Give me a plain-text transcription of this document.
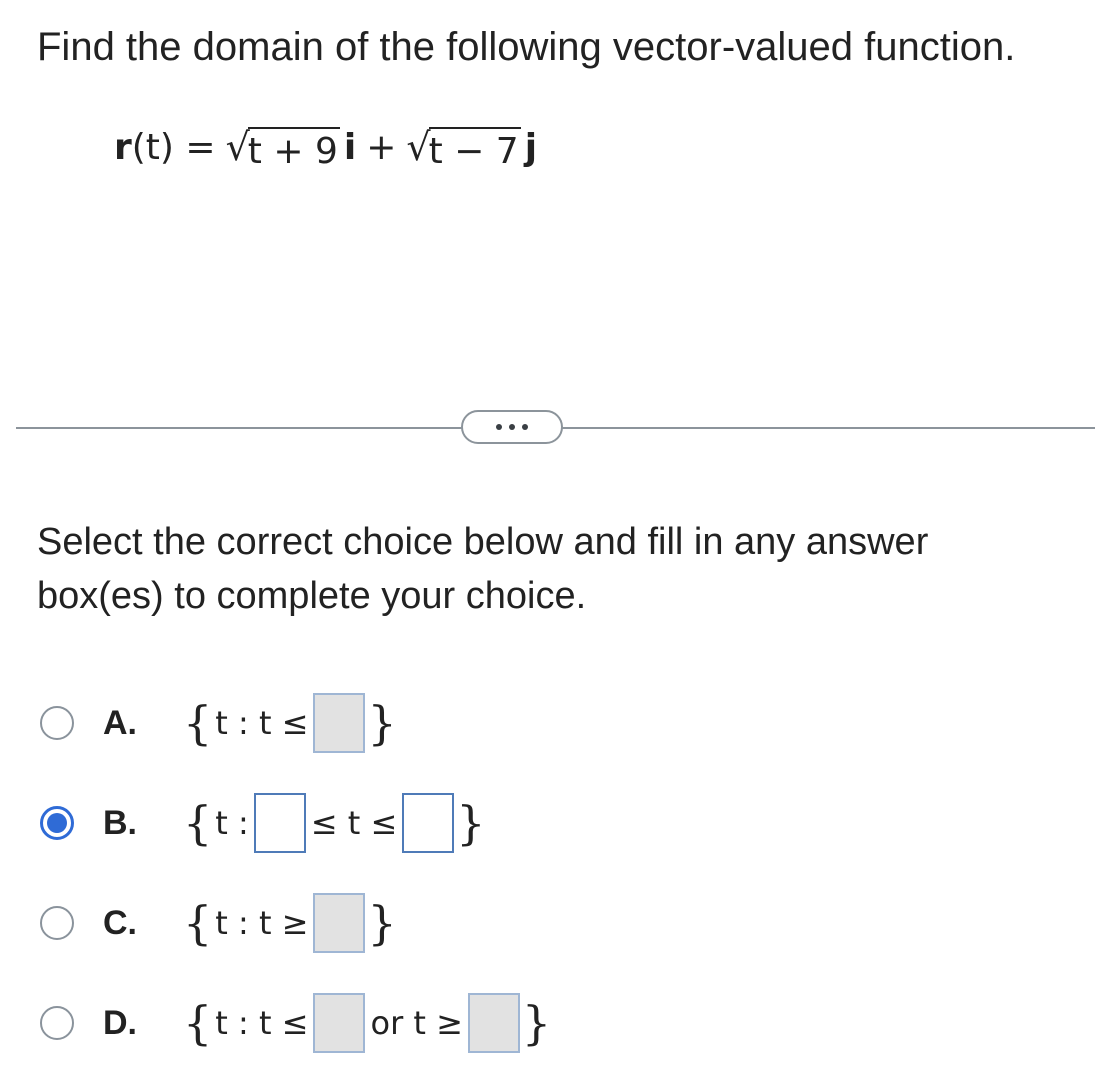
Find the domain of the following vector-valued function.
r (t) = √
t + 9 i + √
t − 7 j
Select the correct choice below and fill in any answer box(es) to complete your choice.
A.	{ t : t ≤ }
B.	{ t : ≤ t ≤ }
C.	{ t : t ≥ }
D.	{ t : t ≤ or t ≥ }
